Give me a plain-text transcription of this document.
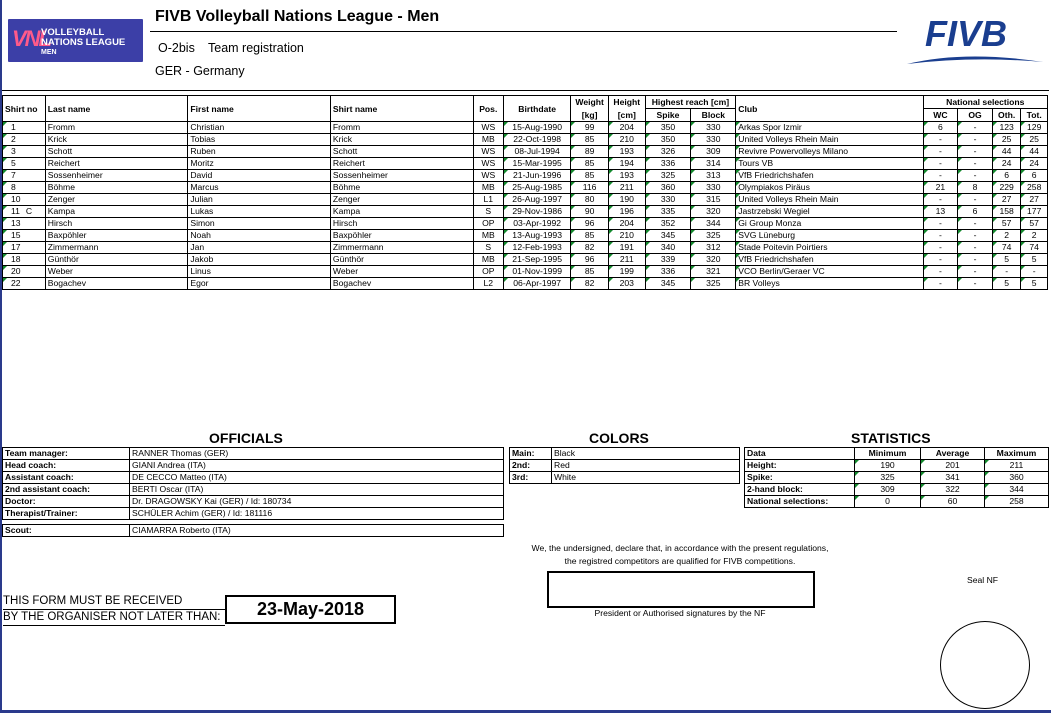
VNL
VOLLEYBALL
NATIONS LEAGUE
MEN
FIVB Volleyball Nations League - Men
O-2bis Team registration
GER - Germany
FIVB
Shirt no	Last name	First name	Shirt name	Pos.	Birthdate	Weight	Height	Highest reach [cm]		Club	National selections			
						[kg]	[cm]	Spike	Block		WC	OG	Oth.	Tot.
1	Fromm	Christian	Fromm	WS	15-Aug-1990	99	204	350	330	Arkas Spor Izmir	6	-	123	129
2	Krick	Tobias	Krick	MB	22-Oct-1998	85	210	350	330	United Volleys Rhein Main	-	-	25	25
3	Schott	Ruben	Schott	WS	08-Jul-1994	89	193	326	309	Revivre Powervolleys Milano	-	-	44	44
5	Reichert	Moritz	Reichert	WS	15-Mar-1995	85	194	336	314	Tours VB	-	-	24	24
7	Sossenheimer	David	Sossenheimer	WS	21-Jun-1996	85	193	325	313	VfB Friedrichshafen	-	-	6	6
8	Böhme	Marcus	Böhme	MB	25-Aug-1985	116	211	360	330	Olympiakos Piräus	21	8	229	258
10	Zenger	Julian	Zenger	L1	26-Aug-1997	80	190	330	315	United Volleys Rhein Main	-	-	27	27
11 C	Kampa	Lukas	Kampa	S	29-Nov-1986	90	196	335	320	Jastrzebski Wegiel	13	6	158	177
13	Hirsch	Simon	Hirsch	OP	03-Apr-1992	96	204	352	344	Gi Group Monza	-	-	57	57
15	Baxpöhler	Noah	Baxpöhler	MB	13-Aug-1993	85	210	345	325	SVG Lüneburg	-	-	2	2
17	Zimmermann	Jan	Zimmermann	S	12-Feb-1993	82	191	340	312	Stade Poitevin Poirtiers	-	-	74	74
18	Günthör	Jakob	Günthör	MB	21-Sep-1995	96	211	339	320	VfB Friedrichshafen	-	-	5	5
20	Weber	Linus	Weber	OP	01-Nov-1999	85	199	336	321	VCO Berlin/Geraer VC	-	-	-	-
22	Bogachev	Egor	Bogachev	L2	06-Apr-1997	82	203	345	325	BR Volleys	-	-	5	5
OFFICIALS
Team manager:	RANNER Thomas (GER)
Head coach:	GIANI Andrea (ITA)
Assistant coach:	DE CECCO Matteo (ITA)
2nd assistant coach:	BERTI Oscar (ITA)
Doctor:	Dr. DRAGOWSKY Kai (GER) / Id: 180734
Therapist/Trainer:	SCHÜLER Achim (GER) / Id: 181116
Scout:	CIAMARRA Roberto (ITA)
COLORS
Main:	Black
2nd:	Red
3rd:	White
STATISTICS
Data	Minimum	Average	Maximum
Height:	190	201	211
Spike:	325	341	360
2-hand block:	309	322	344
National selections:	0	60	258
We, the undersigned, declare that, in accordance with the present regulations,
the registred competitors are qualified for FIVB competitions.
President or Authorised signatures by the NF
Seal NF
THIS FORM MUST BE RECEIVED
BY THE ORGANISER NOT LATER THAN:	23-May-2018
